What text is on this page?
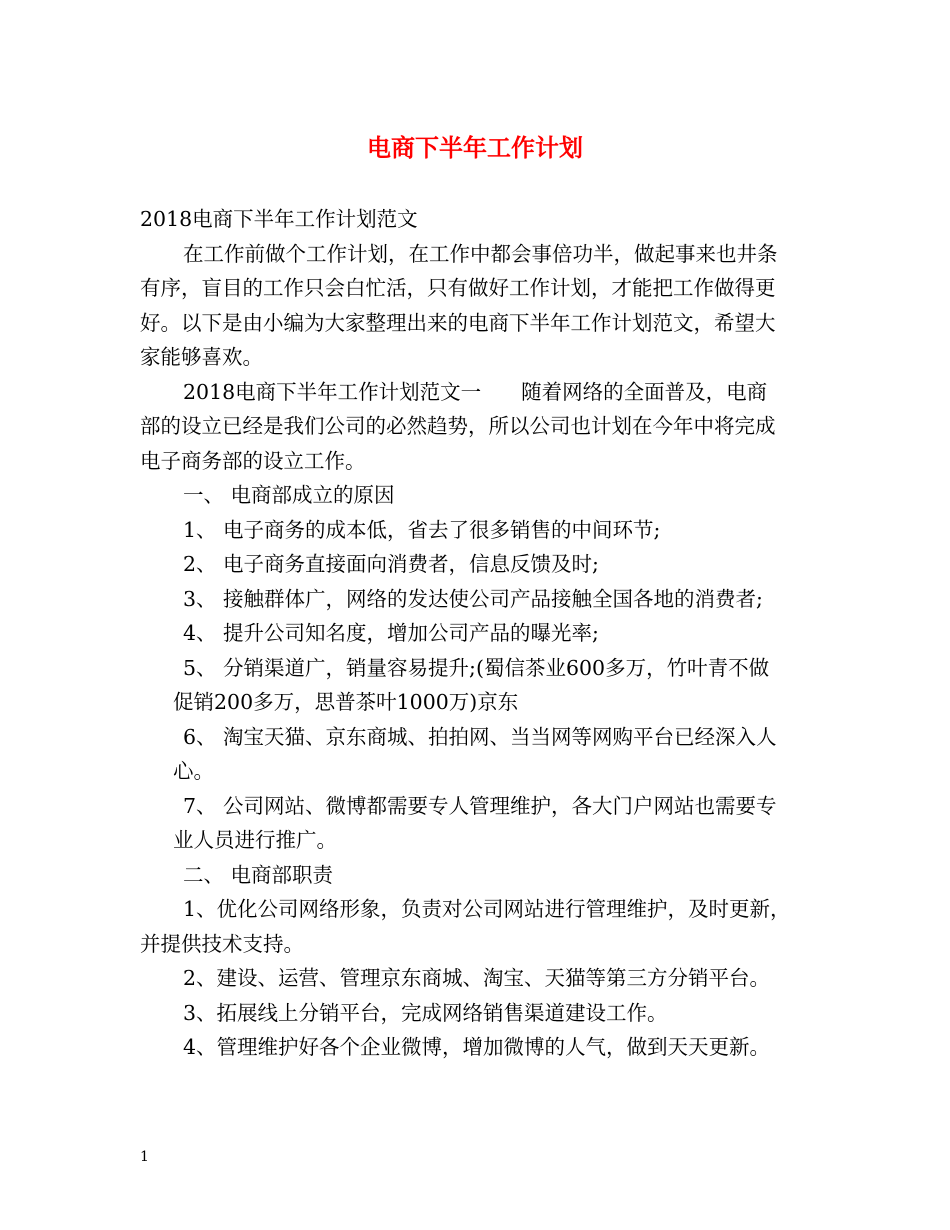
电商下半年工作计划
2018电商下半年工作计划范文
在工作前做个工作计划，在工作中都会事倍功半，做起事来也井条
有序，盲目的工作只会白忙活，只有做好工作计划，才能把工作做得更
好。以下是由小编为大家整理出来的电商下半年工作计划范文，希望大
家能够喜欢。
2018电商下半年工作计划范文一 随着网络的全面普及，电商
部的设立已经是我们公司的必然趋势，所以公司也计划在今年中将完成
电子商务部的设立工作。
一、 电商部成立的原因
1、 电子商务的成本低，省去了很多销售的中间环节;
2、 电子商务直接面向消费者，信息反馈及时;
3、 接触群体广，网络的发达使公司产品接触全国各地的消费者;
4、 提升公司知名度，增加公司产品的曝光率;
5、 分销渠道广，销量容易提升;(蜀信茶业600多万，竹叶青不做
促销200多万，思普茶叶1000万)京东
6、 淘宝天猫、京东商城、拍拍网、当当网等网购平台已经深入人
心。
7、 公司网站、微博都需要专人管理维护，各大门户网站也需要专
业人员进行推广。
二、 电商部职责
1、优化公司网络形象，负责对公司网站进行管理维护，及时更新，
并提供技术支持。
2、建设、运营、管理京东商城、淘宝、天猫等第三方分销平台。
3、拓展线上分销平台，完成网络销售渠道建设工作。
4、管理维护好各个企业微博，增加微博的人气，做到天天更新。
1
